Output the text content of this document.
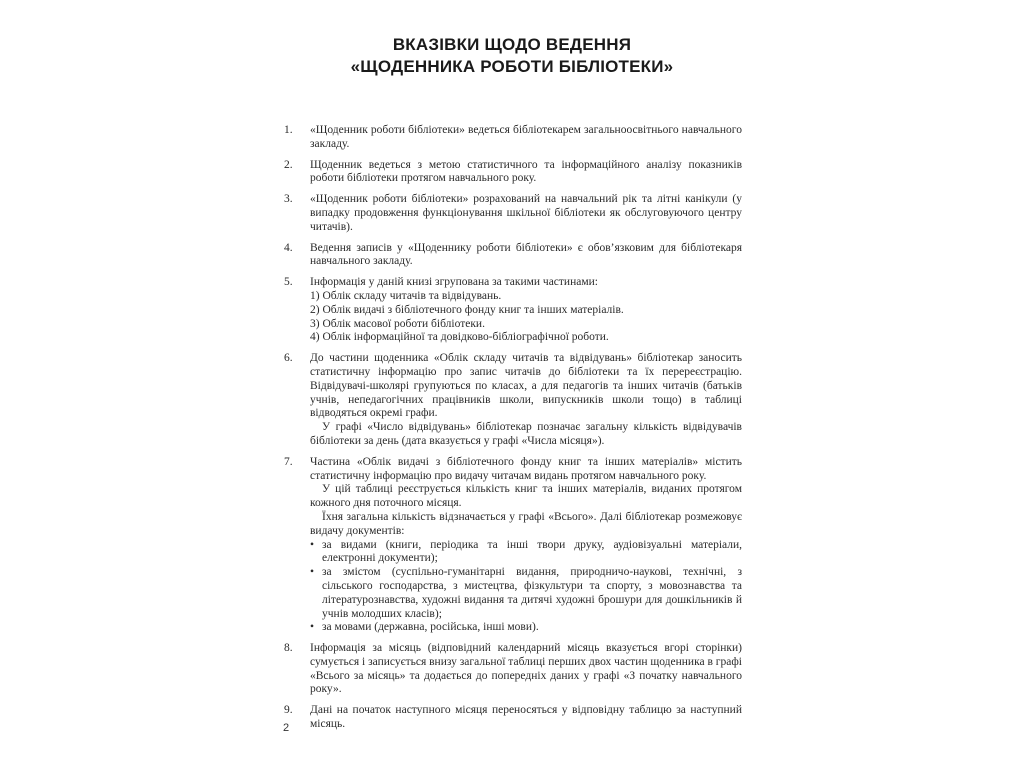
ВКАЗІВКИ ЩОДО ВЕДЕННЯ
«ЩОДЕННИКА РОБОТИ БІБЛІОТЕКИ»
1.	«Щоденник роботи бібліотеки» ведеться бібліотекарем загальноосвітнього навчального закладу.

2.	Щоденник ведеться з метою статистичного та інформаційного аналізу показників роботи бібліотеки протягом навчального року.

3.	«Щоденник роботи бібліотеки» розрахований на навчальний рік та літні канікули (у випадку продовження функціонування шкільної бібліотеки як обслуговуючого центру читачів).

4.	Ведення записів у «Щоденнику роботи бібліотеки» є обов’язковим для бібліотекаря навчального закладу.

5.	Інформація у даній книзі згрупована за такими частинами:

1) Облік складу читачів та відвідувань.
2) Облік видачі з бібліотечного фонду книг та інших матеріалів.
3) Облік масової роботи бібліотеки.
4) Облік інформаційної та довідково-бібліографічної роботи.
6.	До частини щоденника «Облік складу читачів та відвідувань» бібліотекар заносить статистичну інформацію про запис читачів до бібліотеки та їх перереєстрацію. Відвідувачі-школярі групуються по класах, а для педагогів та інших читачів (батьків учнів, непедагогічних працівників школи, випускників школи тощо) в таблиці відводяться окремі графи.

У графі «Число відвідувань» бібліотекар позначає загальну кількість відвідувачів бібліотеки за день (дата вказується у графі «Числа місяця»).

7.	Частина «Облік видачі з бібліотечного фонду книг та інших матеріалів» містить статистичну інформацію про видачу читачам видань протягом навчального року.

У цій таблиці реєструється кількість книг та інших матеріалів, виданих протягом кожного дня поточного місяця.

Їхня загальна кількість відзначається у графі «Всього». Далі бібліотекар розмежовує видачу документів:

• за видами (книги, періодика та інші твори друку, аудіовізуальні матеріали, електронні документи);
• за змістом (суспільно-гуманітарні видання, природничо-наукові, технічні, з сільського господарства, з мистецтва, фізкультури та спорту, з мовознавства та літературознавства, художні видання та дитячі художні брошури для дошкільників й учнів молодших класів);
• за мовами (державна, російська, інші мови).
8.	Інформація за місяць (відповідний календарний місяць вказується вгорі сторінки) сумується і записується внизу загальної таблиці перших двох частин щоденника в графі «Всього за місяць» та додається до попередніх даних у графі «З початку навчального року».

9.	Дані на початок наступного місяця переносяться у відповідну таблицю за наступний місяць.

2
